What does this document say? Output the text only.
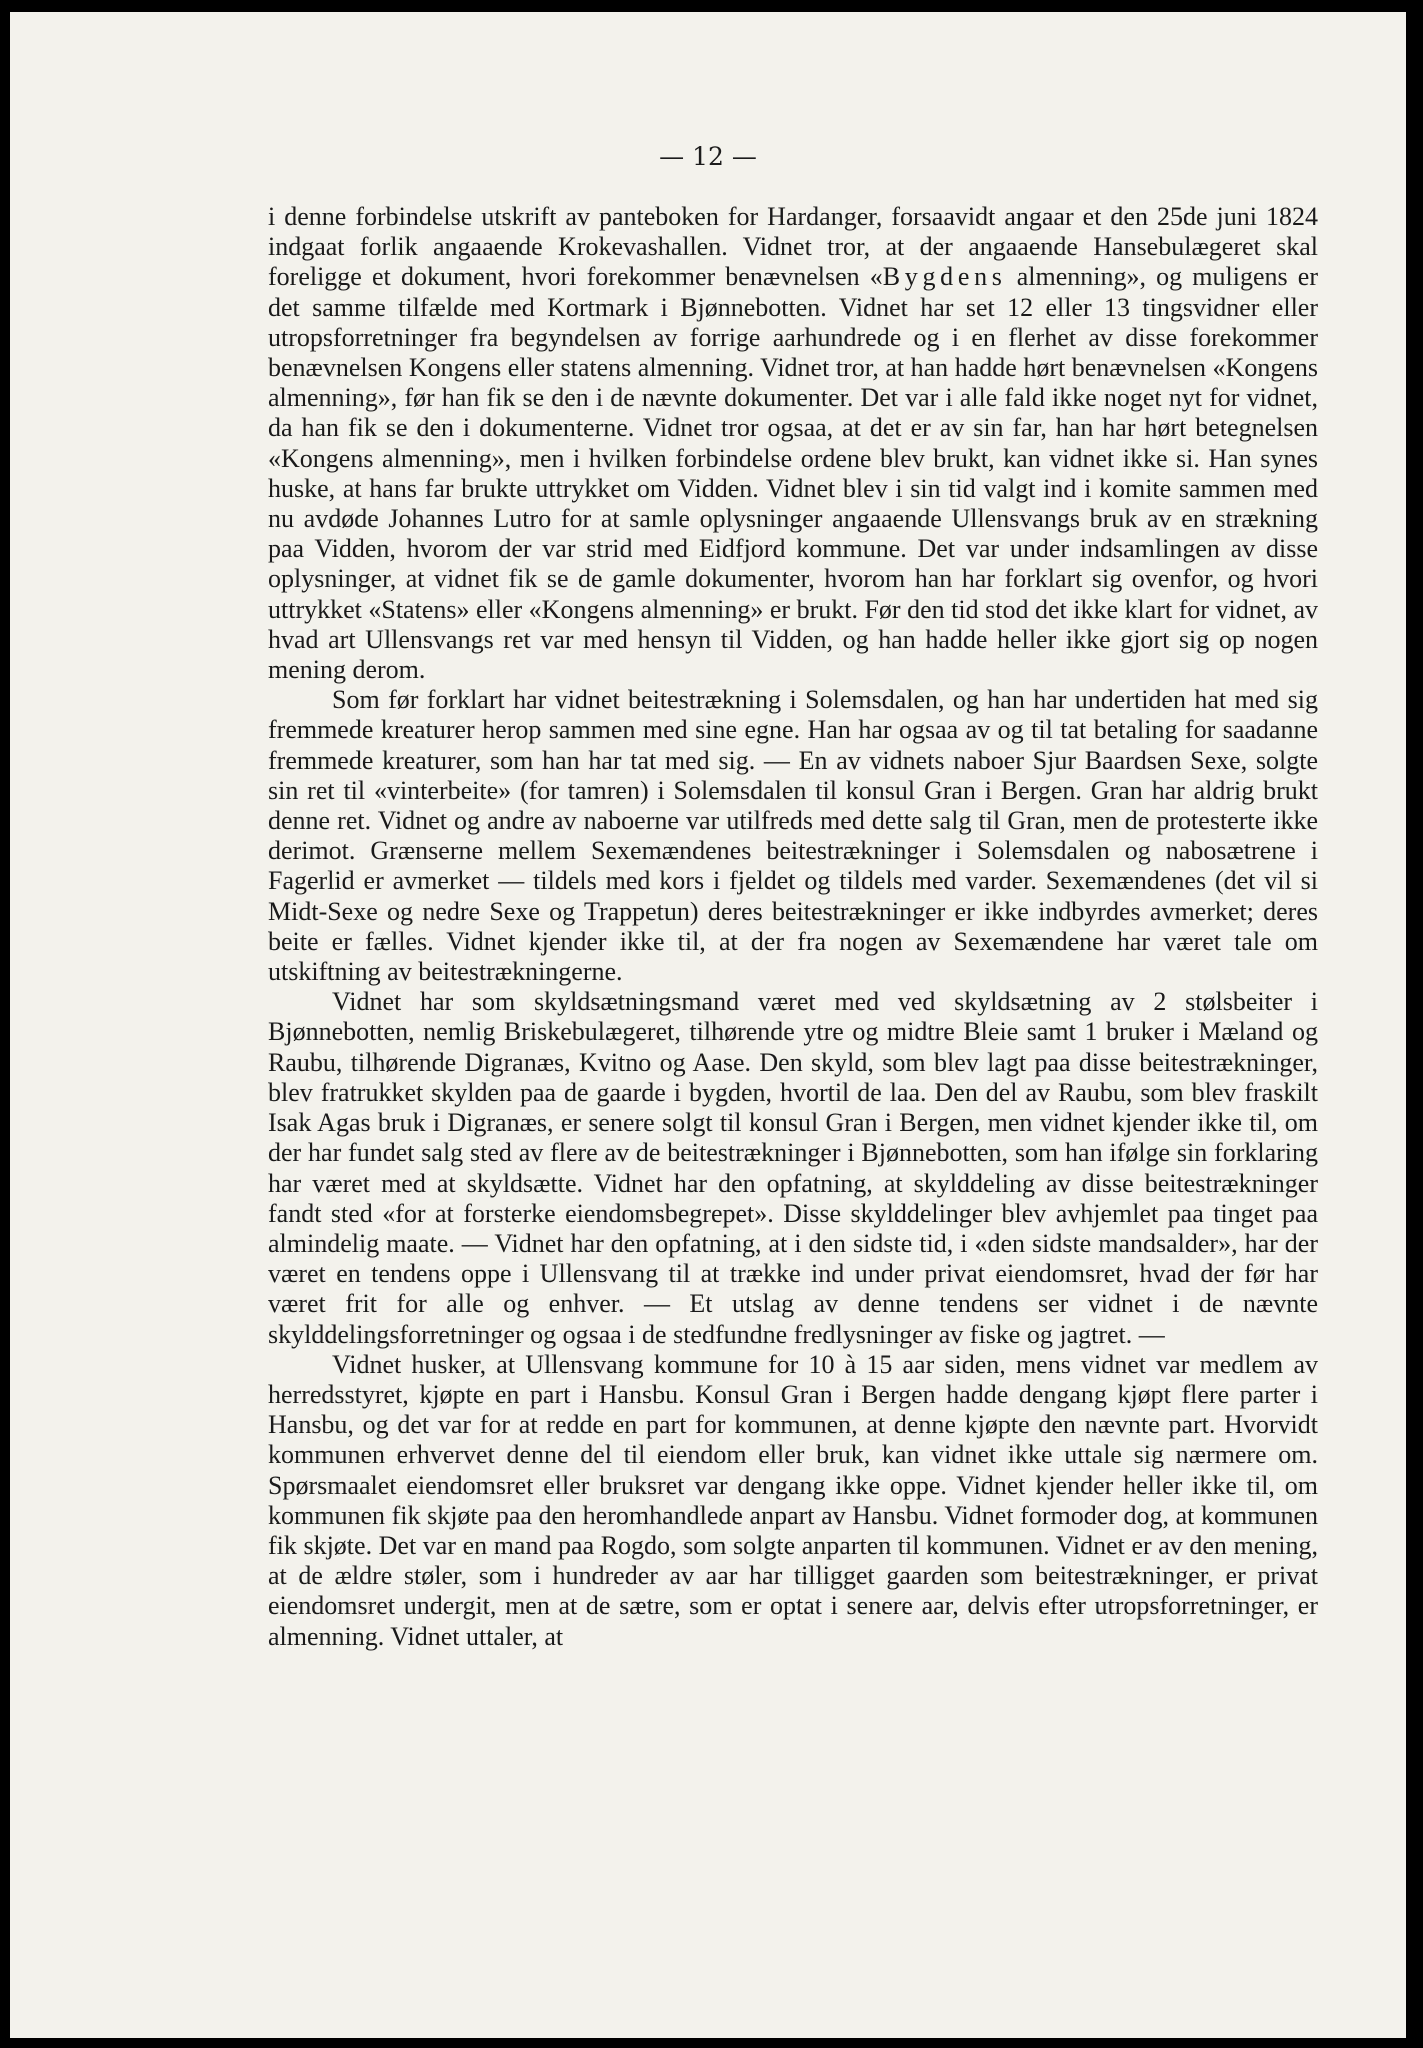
— 12 —

i denne forbindelse utskrift av panteboken for Hardanger, forsaavidt angaar et den 25de juni 1824 indgaat forlik angaaende Krokevashallen. Vidnet tror, at der angaaende Hansebulægeret skal foreligge et dokument, hvori forekommer benævnelsen «Bygdens almenning», og muligens er det samme tilfælde med Kortmark i Bjønnebotten. Vidnet har set 12 eller 13 tingsvidner eller utropsforretninger fra begyndelsen av forrige aarhundrede og i en flerhet av disse forekommer benævnelsen Kongens eller statens almenning. Vidnet tror, at han hadde hørt benævnelsen «Kongens almenning», før han fik se den i de nævnte dokumenter. Det var i alle fald ikke noget nyt for vidnet, da han fik se den i dokumenterne. Vidnet tror ogsaa, at det er av sin far, han har hørt betegnelsen «Kongens almenning», men i hvilken forbindelse ordene blev brukt, kan vidnet ikke si. Han synes huske, at hans far brukte uttrykket om Vidden. Vidnet blev i sin tid valgt ind i komite sammen med nu avdøde Johannes Lutro for at samle oplysninger angaaende Ullensvangs bruk av en strækning paa Vidden, hvorom der var strid med Eidfjord kommune. Det var under indsamlingen av disse oplysninger, at vidnet fik se de gamle dokumenter, hvorom han har forklart sig ovenfor, og hvori uttrykket «Statens» eller «Kongens almenning» er brukt. Før den tid stod det ikke klart for vidnet, av hvad art Ullensvangs ret var med hensyn til Vidden, og han hadde heller ikke gjort sig op nogen mening derom.

Som før forklart har vidnet beitestrækning i Solemsdalen, og han har undertiden hat med sig fremmede kreaturer herop sammen med sine egne. Han har ogsaa av og til tat betaling for saadanne fremmede kreaturer, som han har tat med sig. — En av vidnets naboer Sjur Baardsen Sexe, solgte sin ret til «vinterbeite» (for tamren) i Solemsdalen til konsul Gran i Bergen. Gran har aldrig brukt denne ret. Vidnet og andre av naboerne var utilfreds med dette salg til Gran, men de protesterte ikke derimot. Grænserne mellem Sexemændenes beitestrækninger i Solemsdalen og nabosætrene i Fagerlid er avmerket — tildels med kors i fjeldet og tildels med varder. Sexemændenes (det vil si Midt-Sexe og nedre Sexe og Trappetun) deres beitestrækninger er ikke indbyrdes avmerket; deres beite er fælles. Vidnet kjender ikke til, at der fra nogen av Sexemændene har været tale om utskiftning av beitestrækningerne.

Vidnet har som skyldsætningsmand været med ved skyldsætning av 2 stølsbeiter i Bjønnebotten, nemlig Briskebulægeret, tilhørende ytre og midtre Bleie samt 1 bruker i Mæland og Raubu, tilhørende Digranæs, Kvitno og Aase. Den skyld, som blev lagt paa disse beitestrækninger, blev fratrukket skylden paa de gaarde i bygden, hvortil de laa. Den del av Raubu, som blev fraskilt Isak Agas bruk i Digranæs, er senere solgt til konsul Gran i Bergen, men vidnet kjender ikke til, om der har fundet salg sted av flere av de beitestrækninger i Bjønnebotten, som han ifølge sin forklaring har været med at skyldsætte. Vidnet har den opfatning, at skylddeling av disse beitestrækninger fandt sted «for at forsterke eiendomsbegrepet». Disse skylddelinger blev avhjemlet paa tinget paa almindelig maate. — Vidnet har den opfatning, at i den sidste tid, i «den sidste mandsalder», har der været en tendens oppe i Ullensvang til at trække ind under privat eiendomsret, hvad der før har været frit for alle og enhver. — Et utslag av denne tendens ser vidnet i de nævnte skylddelingsforretninger og ogsaa i de stedfundne fredlysninger av fiske og jagtret. —

Vidnet husker, at Ullensvang kommune for 10 à 15 aar siden, mens vidnet var medlem av herredsstyret, kjøpte en part i Hansbu. Konsul Gran i Bergen hadde dengang kjøpt flere parter i Hansbu, og det var for at redde en part for kommunen, at denne kjøpte den nævnte part. Hvorvidt kommunen erhvervet denne del til eiendom eller bruk, kan vidnet ikke uttale sig nærmere om. Spørsmaalet eiendomsret eller bruksret var dengang ikke oppe. Vidnet kjender heller ikke til, om kommunen fik skjøte paa den heromhandlede anpart av Hansbu. Vidnet formoder dog, at kommunen fik skjøte. Det var en mand paa Rogdo, som solgte anparten til kommunen. Vidnet er av den mening, at de ældre støler, som i hundreder av aar har tilligget gaarden som beitestrækninger, er privat eiendomsret undergit, men at de sætre, som er optat i senere aar, delvis efter utropsforretninger, er almenning. Vidnet uttaler, at
